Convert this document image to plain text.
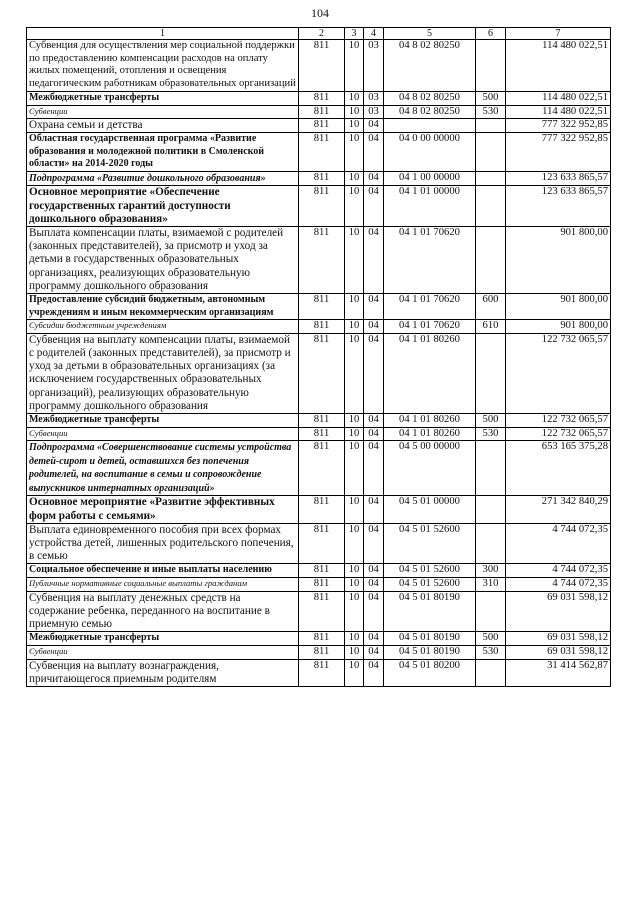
104
1	2	3	4	5	6	7
Субвенция для осуществления мер социальной поддержки по предоставлению компенсации расходов на оплату жилых помещений, отопления и освещения педагогическим работникам образовательных организаций	811	10	03	04 8 02 80250		114 480 022,51
Межбюджетные трансферты	811	10	03	04 8 02 80250	500	114 480 022,51
Субвенции	811	10	03	04 8 02 80250	530	114 480 022,51
Охрана семьи и детства	811	10	04			777 322 952,85
Областная государственная программа «Развитие образования и молодежной политики в Смоленской области» на 2014-2020 годы	811	10	04	04 0 00 00000		777 322 952,85
Подпрограмма «Развитие дошкольного образования»	811	10	04	04 1 00 00000		123 633 865,57
Основное мероприятие «Обеспечение государственных гарантий доступности дошкольного образования»	811	10	04	04 1 01 00000		123 633 865,57
Выплата компенсации платы, взимаемой с родителей (законных представителей), за присмотр и уход за детьми в государственных образовательных организациях, реализующих образовательную программу дошкольного образования	811	10	04	04 1 01 70620		901 800,00
Предоставление субсидий бюджетным, автономным учреждениям и иным некоммерческим организациям	811	10	04	04 1 01 70620	600	901 800,00
Субсидии бюджетным учреждениям	811	10	04	04 1 01 70620	610	901 800,00
Субвенция на выплату компенсации платы, взимаемой с родителей (законных представителей), за присмотр и уход за детьми в образовательных организациях (за исключением государственных образовательных организаций), реализующих образовательную программу дошкольного образования	811	10	04	04 1 01 80260		122 732 065,57
Межбюджетные трансферты	811	10	04	04 1 01 80260	500	122 732 065,57
Субвенции	811	10	04	04 1 01 80260	530	122 732 065,57
Подпрограмма «Совершенствование системы устройства детей-сирот и детей, оставшихся без попечения родителей, на воспитание в семьи и сопровождение выпускников интернатных организаций»	811	10	04	04 5 00 00000		653 165 375,28
Основное мероприятие «Развитие эффективных форм работы с семьями»	811	10	04	04 5 01 00000		271 342 840,29
Выплата единовременного пособия при всех формах устройства детей, лишенных родительского попечения, в семью	811	10	04	04 5 01 52600		4 744 072,35
Социальное обеспечение и иные выплаты населению	811	10	04	04 5 01 52600	300	4 744 072,35
Публичные нормативные социальные выплаты гражданам	811	10	04	04 5 01 52600	310	4 744 072,35
Субвенция на выплату денежных средств на содержание ребенка, переданного на воспитание в приемную семью	811	10	04	04 5 01 80190		69 031 598,12
Межбюджетные трансферты	811	10	04	04 5 01 80190	500	69 031 598,12
Субвенции	811	10	04	04 5 01 80190	530	69 031 598,12
Субвенция на выплату вознаграждения, причитающегося приемным родителям	811	10	04	04 5 01 80200		31 414 562,87
